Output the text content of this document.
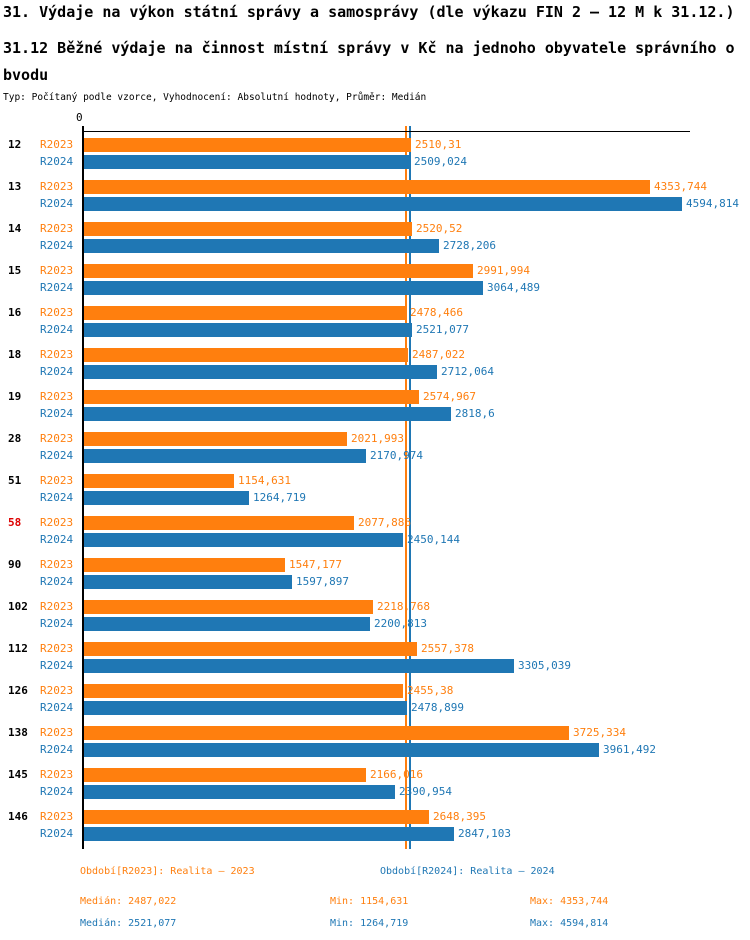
31. Výdaje na výkon státní správy a samosprávy (dle výkazu FIN 2 – 12 M k 31.12.)
31.12 Běžné výdaje na činnost místní správy v Kč na jednoho obyvatele správního o
bvodu
Typ: Počítaný podle vzorce, Vyhodnocení: Absolutní hodnoty, Průměr: Medián
0
12 R2023	2510,31
R2024	2509,024
13 R2023	4353,744
R2024	4594,814
14 R2023	2520,52
R2024	2728,206
15 R2023	2991,994
R2024	3064,489
16 R2023	2478,466
R2024	2521,077
18 R2023	2487,022
R2024	2712,064
19 R2023	2574,967
R2024	2818,6
28 R2023	2021,993
R2024	2170,974
51 R2023	1154,631
R2024	1264,719
58 R2023	2077,886
R2024	2450,144
90 R2023	1547,177
R2024	1597,897
102 R2023	2218,768
R2024	2200,813
112 R2023	2557,378
R2024	3305,039
126 R2023	2455,38
R2024	2478,899
138 R2023	3725,334
R2024	3961,492
145 R2023	2166,016
R2024	2390,954
146 R2023	2648,395
R2024	2847,103
Období[R2023]: Realita – 2023	Období[R2024]: Realita – 2024
Medián: 2487,022	Min: 1154,631	Max: 4353,744
Medián: 2521,077	Min: 1264,719	Max: 4594,814
